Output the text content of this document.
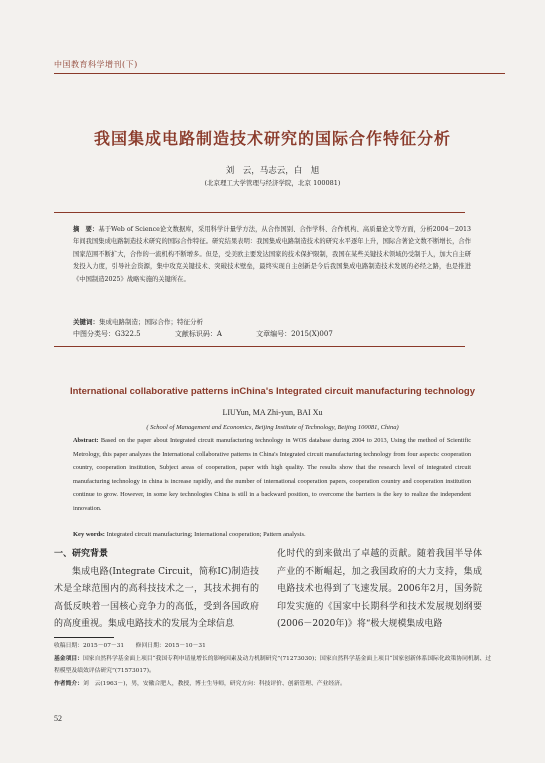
中国教育科学增刊(下)
我国集成电路制造技术研究的国际合作特征分析
刘　云，马志云，白　旭
(北京理工大学管理与经济学院，北京 100081)
摘　要：基于Web of Science论文数据库，采用科学计量学方法，从合作国别、合作学科、合作机构、高质量论文等方面，分析2004－2013年间我国集成电路制造技术研究的国际合作特征。研究结果表明：我国集成电路制造技术的研究水平逐年上升，国际合著论文数不断增长，合作国家范围不断扩大，合作的一流机构不断增多。但是，受美欧主要发达国家的技术保护限制，我国在某些关键技术领域仍受制于人，加大自主研发投入力度，引导社会资源，集中攻克关键技术、突破技术壁垒，最终实现自主创新是今后我国集成电路制造技术发展的必经之路，也是推进《中国制造2025》战略实施的关键所在。
关键词：集成电路制造；国际合作；特征分析
中图分类号：G322.5	文献标识码：A	文章编号：2015(X)007
International collaborative patterns inChina's Integrated circuit manufacturing technology
LIUYun, MA Zhi-yun, BAI Xu
( School of Management and Economics, Beijing Institute of Technology, Beijing 100081, China)
Abstract: Based on the paper about Integrated circuit manufacturing technology in WOS database during 2004 to 2013, Using the method of Scientific Metrology, this paper analyzes the International collaborative patterns in China's Integrated circuit manufacturing technology from four aspects: cooperation country, cooperation institution, Subject areas of cooperation, paper with high quality. The results show that the research level of integrated circuit manufacturing technology in china is increase rapidly, and the number of international cooperation papers, cooperation country and cooperation institution continue to grow. However, in some key technologies China is still in a backward position, to overcome the barriers is the key to realize the independent innovation.
Key words: Integrated circuit manufacturing; International cooperation; Pattern analysis.
一、研究背景
集成电路(Integrate Circuit，简称IC)制造技术是全球范围内的高科技技术之一，其技术拥有的高低反映着一国核心竞争力的高低，受到各国政府的高度重视。集成电路技术的发展为全球信息
化时代的到来做出了卓越的贡献。随着我国半导体产业的不断崛起，加之我国政府的大力支持，集成电路技术也得到了飞速发展。2006年2月，国务院印发实施的《国家中长期科学和技术发展规划纲要(2006－2020年)》将“极大规模集成电路
收稿日期：2015－07－31　　修回日期：2015－10－31
基金项目：国家自然科学基金面上项目“我国专利申请量增长的影响因素及动力机制研究”(71273030)；国家自然科学基金面上项目“国家创新体系国际化政策协同机制、过程模型及绩效评估研究”(71573017)。
作者简介：刘　云(1963－)，男，安徽合肥人，教授，博士生导师，研究方向：科技评价、创新管理、产业经济。
52
